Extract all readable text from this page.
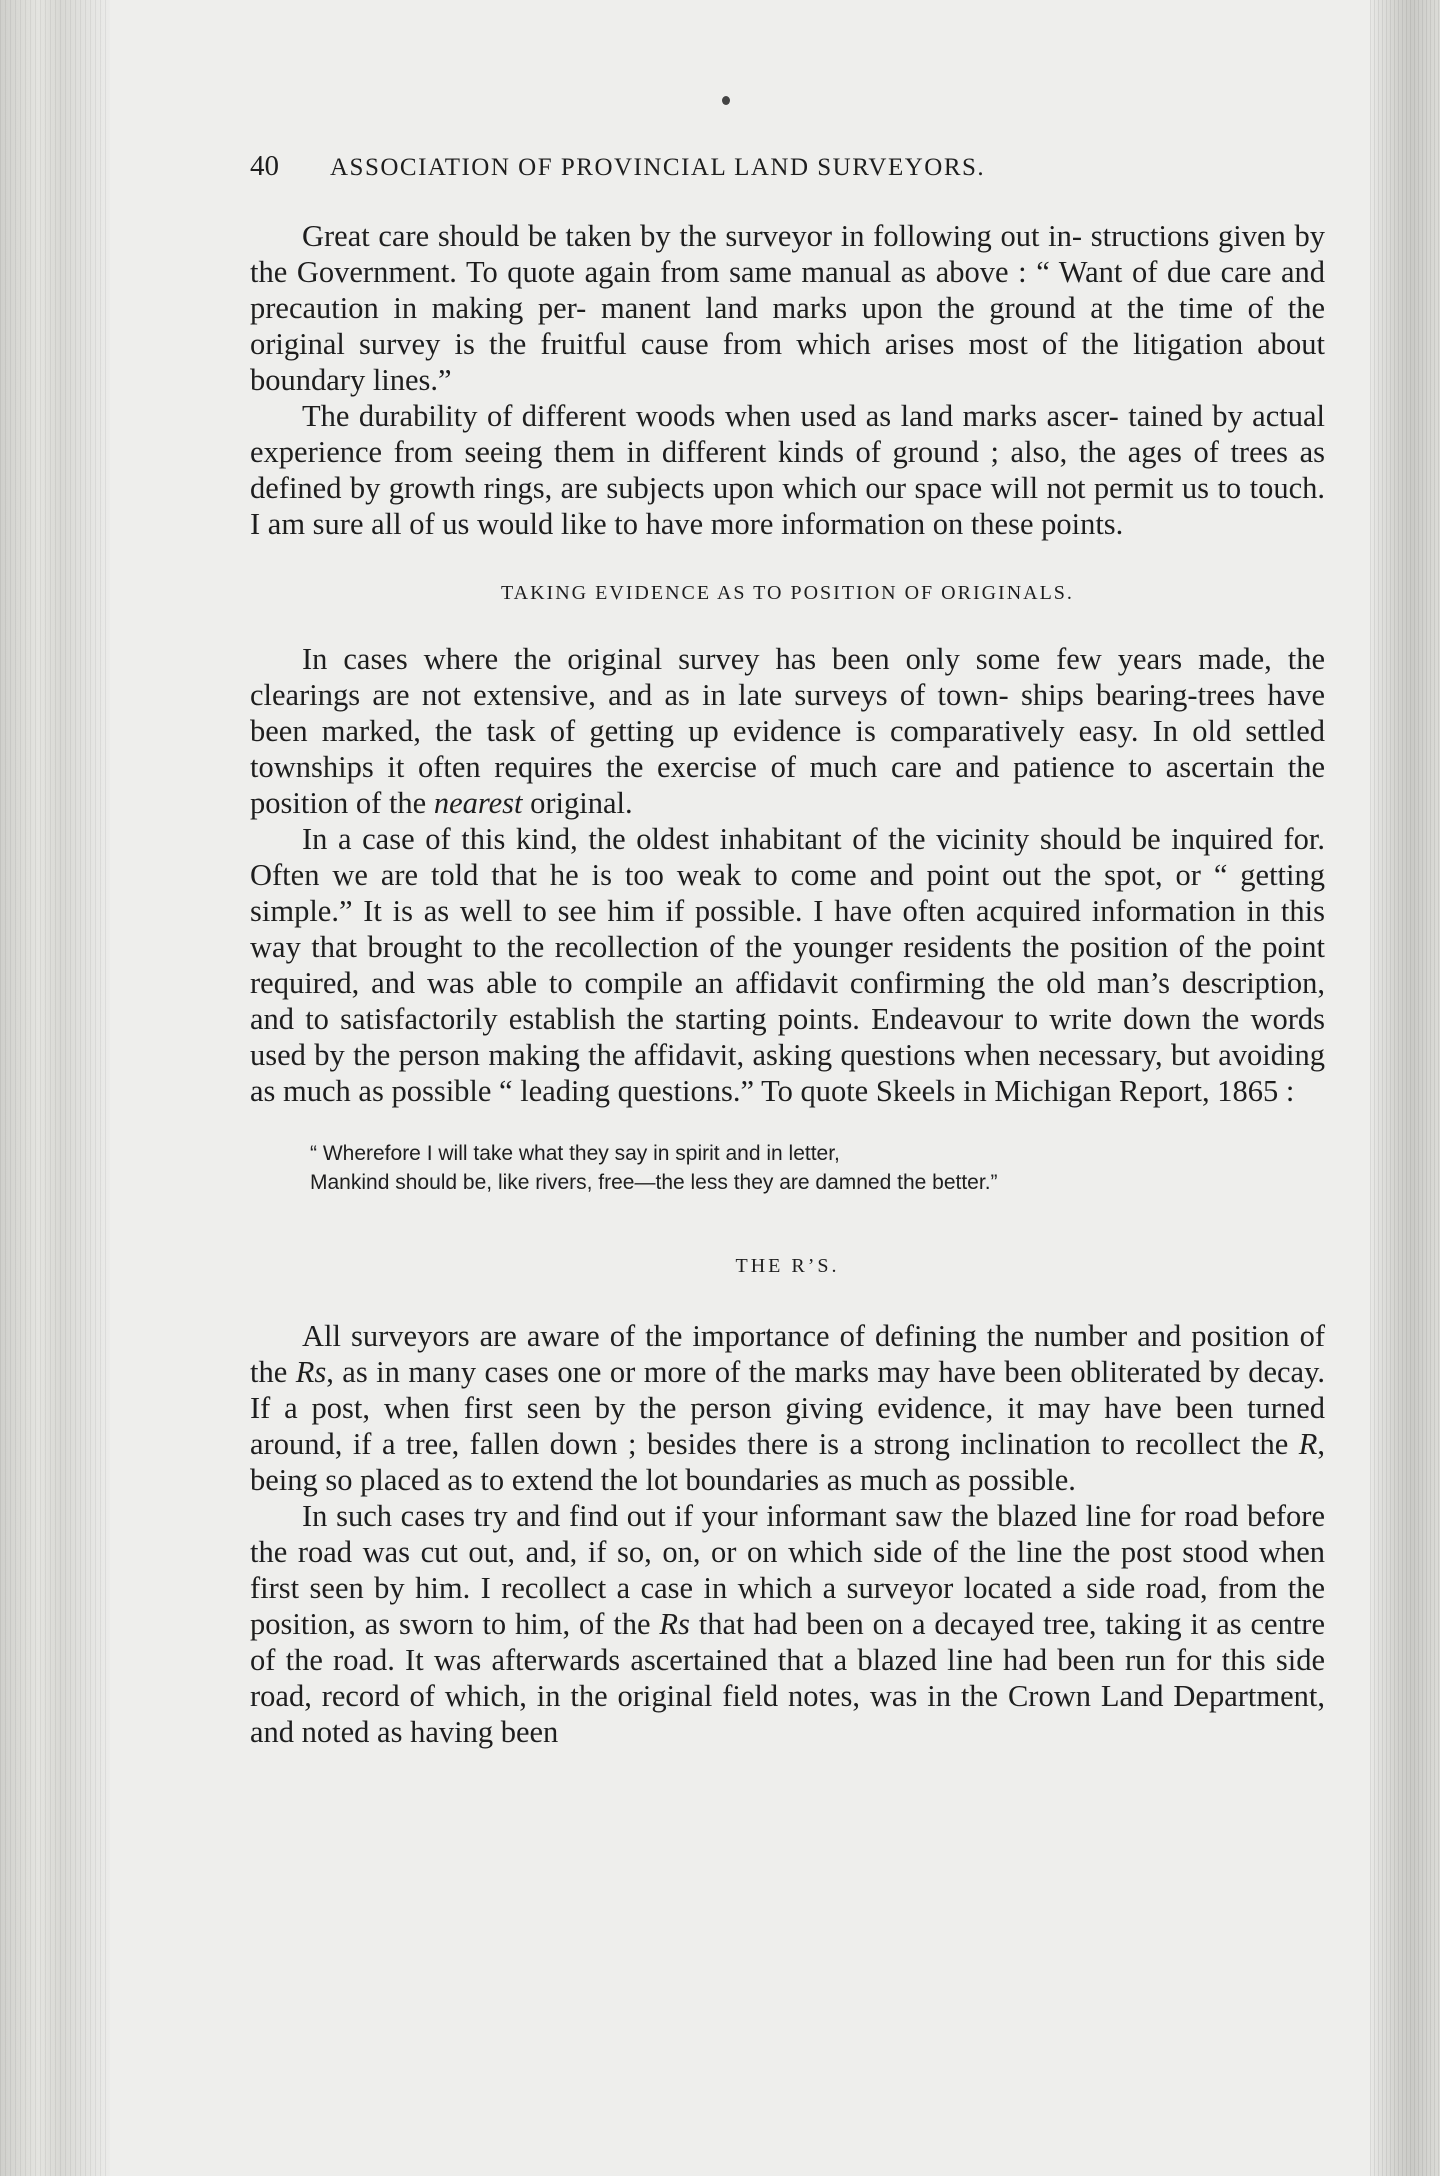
40	ASSOCIATION OF PROVINCIAL LAND SURVEYORS.

Great care should be taken by the surveyor in following out in- structions given by the Government. To quote again from same manual as above : “ Want of due care and precaution in making per- manent land marks upon the ground at the time of the original survey is the fruitful cause from which arises most of the litigation about boundary lines.”

The durability of different woods when used as land marks ascer- tained by actual experience from seeing them in different kinds of ground ; also, the ages of trees as defined by growth rings, are subjects upon which our space will not permit us to touch. I am sure all of us would like to have more information on these points.

TAKING EVIDENCE AS TO POSITION OF ORIGINALS.

In cases where the original survey has been only some few years made, the clearings are not extensive, and as in late surveys of town- ships bearing-trees have been marked, the task of getting up evidence is comparatively easy. In old settled townships it often requires the exercise of much care and patience to ascertain the position of the nearest original.

In a case of this kind, the oldest inhabitant of the vicinity should be inquired for. Often we are told that he is too weak to come and point out the spot, or “ getting simple.” It is as well to see him if possible. I have often acquired information in this way that brought to the recollection of the younger residents the position of the point required, and was able to compile an affidavit confirming the old man’s description, and to satisfactorily establish the starting points. Endeavour to write down the words used by the person making the affidavit, asking questions when necessary, but avoiding as much as possible “ leading questions.” To quote Skeels in Michigan Report, 1865 :

“ Wherefore I will take what they say in spirit and in letter,
Mankind should be, like rivers, free—the less they are damned the better.”
THE R’S.

All surveyors are aware of the importance of defining the number and position of the Rs, as in many cases one or more of the marks may have been obliterated by decay. If a post, when first seen by the person giving evidence, it may have been turned around, if a tree, fallen down ; besides there is a strong inclination to recollect the R, being so placed as to extend the lot boundaries as much as possible.

In such cases try and find out if your informant saw the blazed line for road before the road was cut out, and, if so, on, or on which side of the line the post stood when first seen by him. I recollect a case in which a surveyor located a side road, from the position, as sworn to him, of the Rs that had been on a decayed tree, taking it as centre of the road. It was afterwards ascertained that a blazed line had been run for this side road, record of which, in the original field notes, was in the Crown Land Department, and noted as having been
